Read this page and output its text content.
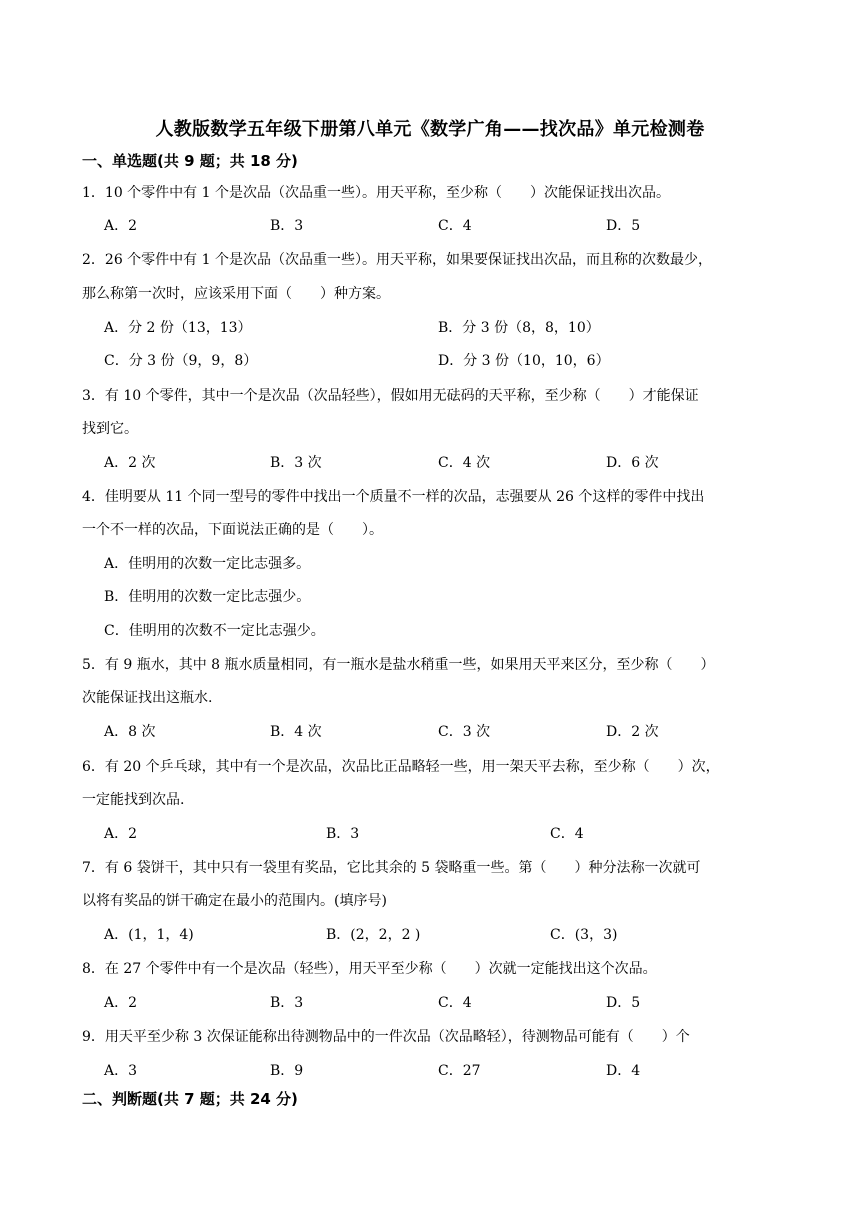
人教版数学五年级下册第八单元《数学广角——找次品》单元检测卷
一、单选题(共 9 题；共 18 分)
1．10 个零件中有 1 个是次品（次品重一些）。用天平称，至少称（　　）次能保证找出次品。
A．2	B．3	C．4	D．5
2．26 个零件中有 1 个是次品（次品重一些）。用天平称，如果要保证找出次品，而且称的次数最少，
那么称第一次时，应该采用下面（　　）种方案。
A．分 2 份（13，13）	B．分 3 份（8，8，10）
C．分 3 份（9，9，8）	D．分 3 份（10，10，6）
3．有 10 个零件，其中一个是次品（次品轻些），假如用无砝码的天平称，至少称（　　）才能保证
找到它。
A．2 次	B．3 次	C．4 次	D．6 次
4．佳明要从 11 个同一型号的零件中找出一个质量不一样的次品，志强要从 26 个这样的零件中找出
一个不一样的次品，下面说法正确的是（　　）。
A．佳明用的次数一定比志强多。
B．佳明用的次数一定比志强少。
C．佳明用的次数不一定比志强少。
5．有 9 瓶水，其中 8 瓶水质量相同，有一瓶水是盐水稍重一些，如果用天平来区分，至少称（　　）
次能保证找出这瓶水.
A．8 次	B．4 次	C．3 次	D．2 次
6．有 20 个乒乓球，其中有一个是次品，次品比正品略轻一些，用一架天平去称，至少称（　　）次，
一定能找到次品.
A．2	B．3	C．4
7．有 6 袋饼干，其中只有一袋里有奖品，它比其余的 5 袋略重一些。第（　　）种分法称一次就可
以将有奖品的饼干确定在最小的范围内。(填序号)
A．(1，1，4)	B．(2，2，2 )	C．(3，3)
8．在 27 个零件中有一个是次品（轻些），用天平至少称（　　）次就一定能找出这个次品。
A．2	B．3	C．4	D．5
9．用天平至少称 3 次保证能称出待测物品中的一件次品（次品略轻），待测物品可能有（　　）个
A．3	B．9	C．27	D．4
二、判断题(共 7 题；共 24 分)
